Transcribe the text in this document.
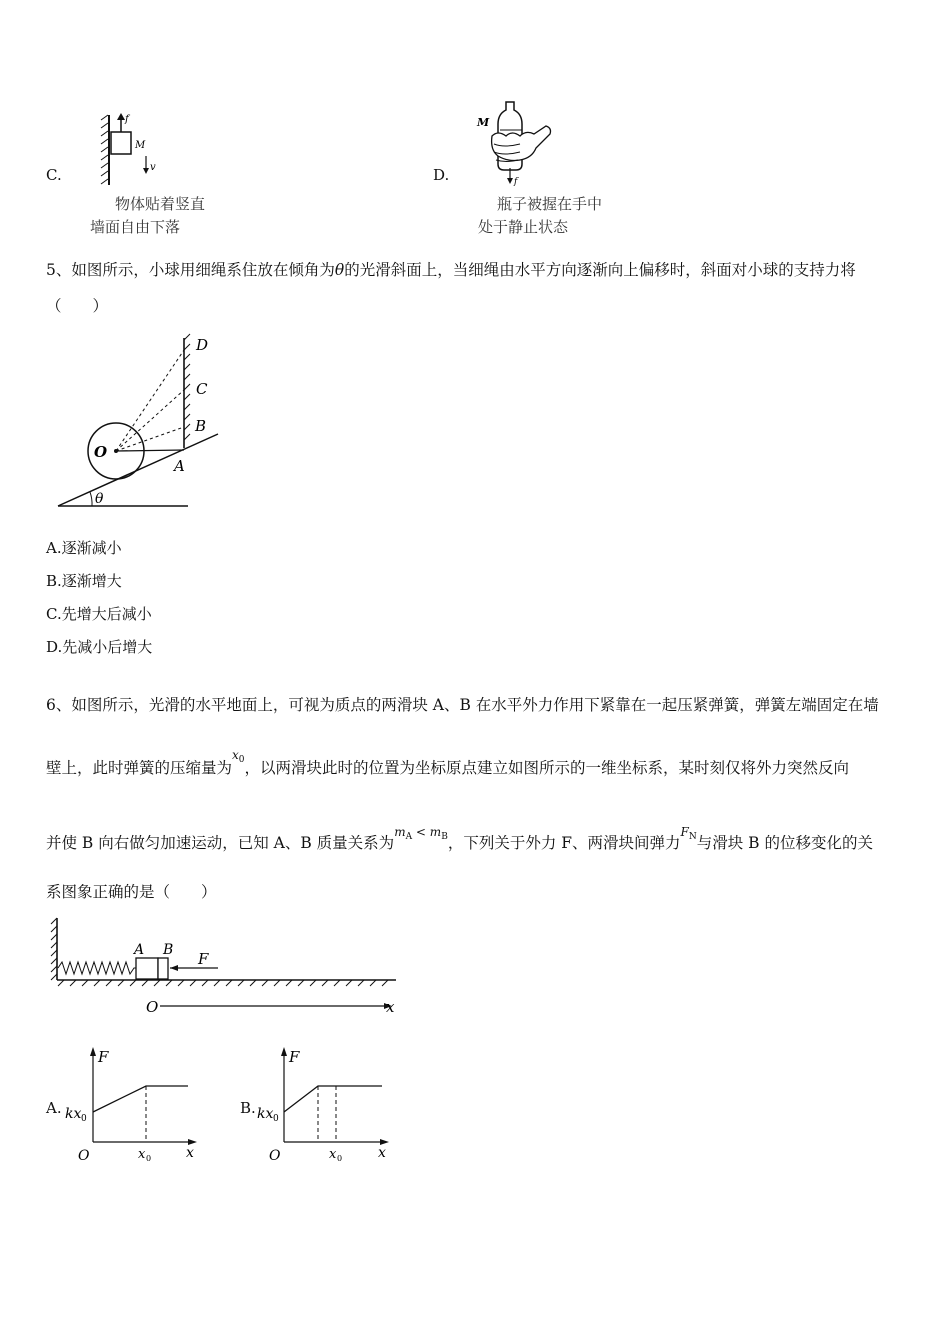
C.
f
M
v
物体贴着竖直
墙面自由下落
D.
M
f
瓶子被握在手中
处于静止状态
5、如图所示，小球用细绳系住放在倾角为θ的光滑斜面上，当细绳由水平方向逐渐向上偏移时，斜面对小球的支持力将
（　　）
D
C
B
O
A
θ
A.逐渐减小
B.逐渐增大
C.先增大后减小
D.先减小后增大
6、如图所示，光滑的水平地面上，可视为质点的两滑块 A、B 在水平外力作用下紧靠在一起压紧弹簧，弹簧左端固定在墙
壁上，此时弹簧的压缩量为$^{x_0}$，以两滑块此时的位置为坐标原点建立如图所示的一维坐标系，某时刻仅将外力突然反向
并使 B 向右做匀加速运动，已知 A、B 质量关系为$^{m_A < m_B}$，下列关于外力 F、两滑块间弹力$^{F_N}$与滑块 B 的位移变化的关
系图象正确的是（　　）
A B F
O	x
A.
F
kx 0
O	x 0 x
B.
F
kx 0
O	x 0	x
